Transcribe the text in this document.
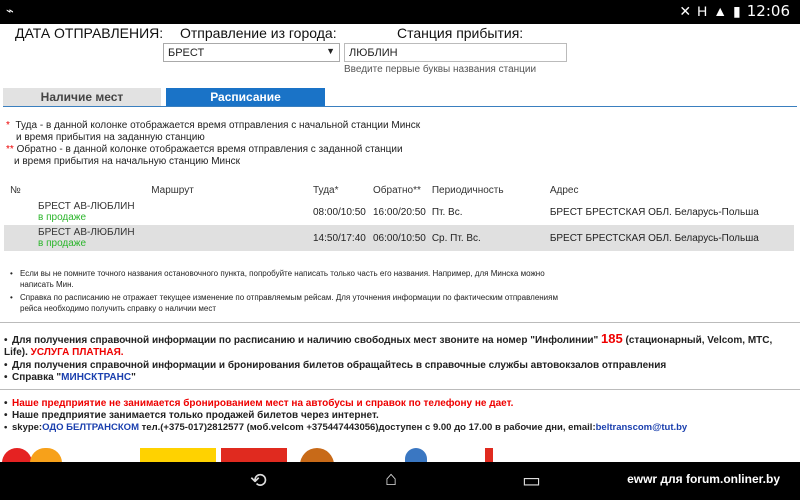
⌁	✕ H ▲ ▮ 12:06
ДАТА ОТПРАВЛЕНИЯ: Отправление из города:	Станция прибытия:
БРЕСТ	▼	ЛЮБЛИН
Введите первые буквы названия станции
Наличие мест	Расписание
* Туда - в данной колонке отображается время отправления с начальной станции Минск
и время прибытия на заданную станцию
** Обратно - в данной колонке отображается время отправления с заданной станции
и время прибытия на начальную станцию Минск
№	Маршрут	Туда*	Обратно**	Периодичность	Адрес

	БРЕСТ АВ-ЛЮБЛИН
в продаже	08:00/10:50	16:00/20:50	Пт. Вс.	БРЕСТ БРЕСТСКАЯ ОБЛ. Беларусь-Польша

	БРЕСТ АВ-ЛЮБЛИН
в продаже	14:50/17:40	06:00/10:50	Ср. Пт. Вс.	БРЕСТ БРЕСТСКАЯ ОБЛ. Беларусь-Польша
• Если вы не помните точного названия остановочного пункта, попробуйте написать только часть его названия. Например, для Минска можно написать Мин.
• Справка по расписанию не отражает текущее изменение по отправляемым рейсам. Для уточнения информации по фактическим отправлениям рейса необходимо получить справку о наличии мест
• Для получения справочной информации по расписанию и наличию свободных мест звоните на номер "Инфолинии" 185 (стационарный, Velcom, MTC, Life). УСЛУГА ПЛАТНАЯ.
• Для получения справочной информации и бронирования билетов обращайтесь в справочные службы автовокзалов отправления
• Справка "МИНСКТРАНС"
• Наше предприятие не занимается бронированием мест на автобусы и справок по телефону не дает.
• Наше предприятие занимается только продажей билетов через интернет.
• skype:ОДО БЕЛТРАНСКОМ тел.(+375-017)2812577 (моб.velcom +375447443056)доступен с 9.00 до 17.00 в рабочие дни, email:beltranscom@tut.by
⟲	⌂	▭	ewwr для forum.onliner.by
